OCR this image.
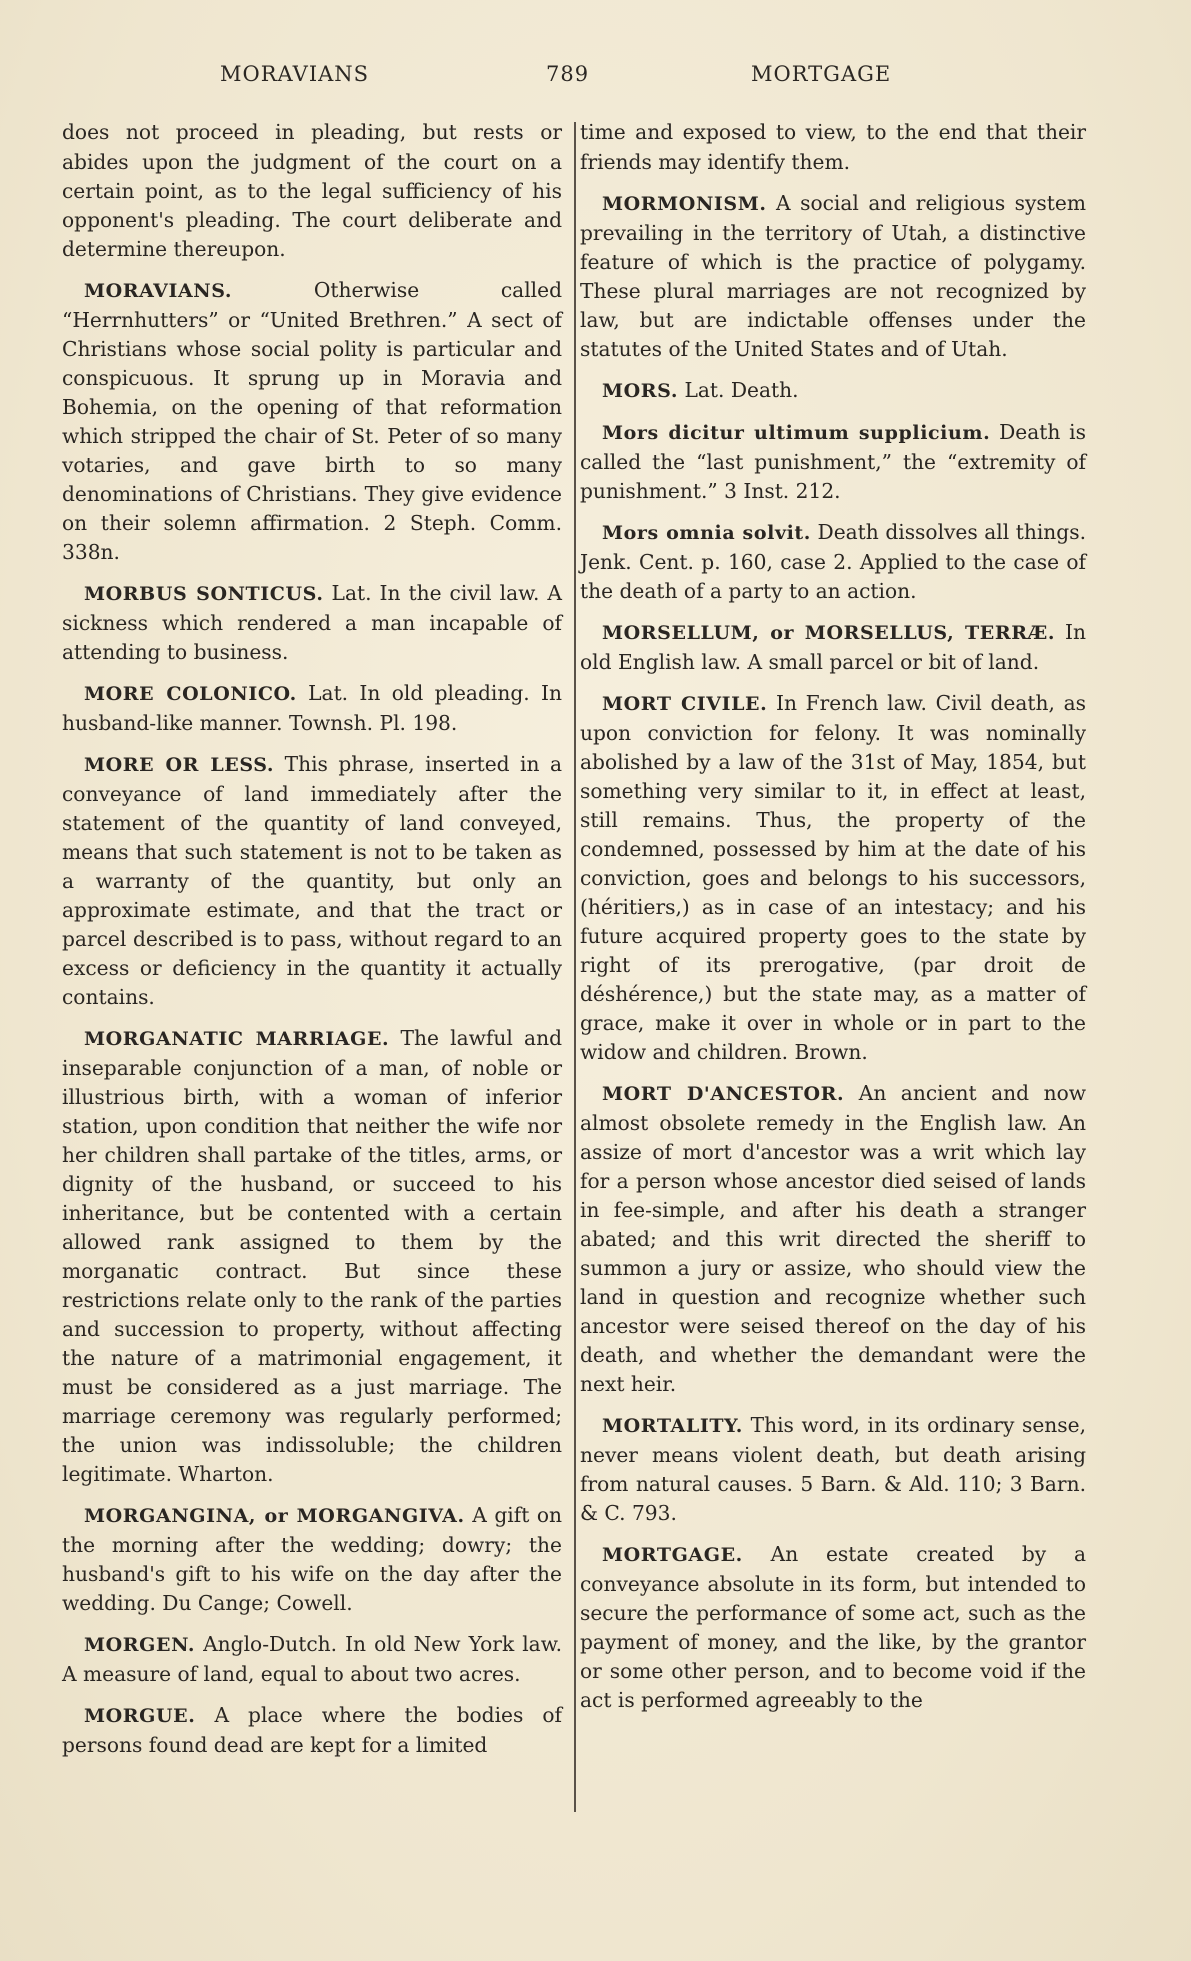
MORAVIANS	789	MORTGAGE

does not proceed in pleading, but rests or abides upon the judgment of the court on a certain point, as to the legal sufficiency of his opponent's pleading. The court deliberate and determine thereupon.

MORAVIANS. Otherwise called “Herrnhutters” or “United Brethren.” A sect of Christians whose social polity is particular and conspicuous. It sprung up in Moravia and Bohemia, on the opening of that reformation which stripped the chair of St. Peter of so many votaries, and gave birth to so many denominations of Christians. They give evidence on their solemn affirmation. 2 Steph. Comm. 338n.

MORBUS SONTICUS. Lat. In the civil law. A sickness which rendered a man incapable of attending to business.

MORE COLONICO. Lat. In old pleading. In husband-like manner. Townsh. Pl. 198.

MORE OR LESS. This phrase, inserted in a conveyance of land immediately after the statement of the quantity of land conveyed, means that such statement is not to be taken as a warranty of the quantity, but only an approximate estimate, and that the tract or parcel described is to pass, without regard to an excess or deficiency in the quantity it actually contains.

MORGANATIC MARRIAGE. The lawful and inseparable conjunction of a man, of noble or illustrious birth, with a woman of inferior station, upon condition that neither the wife nor her children shall partake of the titles, arms, or dignity of the husband, or succeed to his inheritance, but be contented with a certain allowed rank assigned to them by the morganatic contract. But since these restrictions relate only to the rank of the parties and succession to property, without affecting the nature of a matrimonial engagement, it must be considered as a just marriage. The marriage ceremony was regularly performed; the union was indissoluble; the children legitimate. Wharton.

MORGANGINA, or MORGANGIVA. A gift on the morning after the wedding; dowry; the husband's gift to his wife on the day after the wedding. Du Cange; Cowell.

MORGEN. Anglo-Dutch. In old New York law. A measure of land, equal to about two acres.

MORGUE. A place where the bodies of persons found dead are kept for a limited

time and exposed to view, to the end that their friends may identify them.

MORMONISM. A social and religious system prevailing in the territory of Utah, a distinctive feature of which is the practice of polygamy. These plural marriages are not recognized by law, but are indictable offenses under the statutes of the United States and of Utah.

MORS. Lat. Death.

Mors dicitur ultimum supplicium. Death is called the “last punishment,” the “extremity of punishment.” 3 Inst. 212.

Mors omnia solvit. Death dissolves all things. Jenk. Cent. p. 160, case 2. Applied to the case of the death of a party to an action.

MORSELLUM, or MORSELLUS, TERRÆ. In old English law. A small parcel or bit of land.

MORT CIVILE. In French law. Civil death, as upon conviction for felony. It was nominally abolished by a law of the 31st of May, 1854, but something very similar to it, in effect at least, still remains. Thus, the property of the condemned, possessed by him at the date of his conviction, goes and belongs to his successors, (héritiers,) as in case of an intestacy; and his future acquired property goes to the state by right of its prerogative, (par droit de déshérence,) but the state may, as a matter of grace, make it over in whole or in part to the widow and children. Brown.

MORT D'ANCESTOR. An ancient and now almost obsolete remedy in the English law. An assize of mort d'ancestor was a writ which lay for a person whose ancestor died seised of lands in fee-simple, and after his death a stranger abated; and this writ directed the sheriff to summon a jury or assize, who should view the land in question and recognize whether such ancestor were seised thereof on the day of his death, and whether the demandant were the next heir.

MORTALITY. This word, in its ordinary sense, never means violent death, but death arising from natural causes. 5 Barn. & Ald. 110; 3 Barn. & C. 793.

MORTGAGE. An estate created by a conveyance absolute in its form, but intended to secure the performance of some act, such as the payment of money, and the like, by the grantor or some other person, and to become void if the act is performed agreeably to the
